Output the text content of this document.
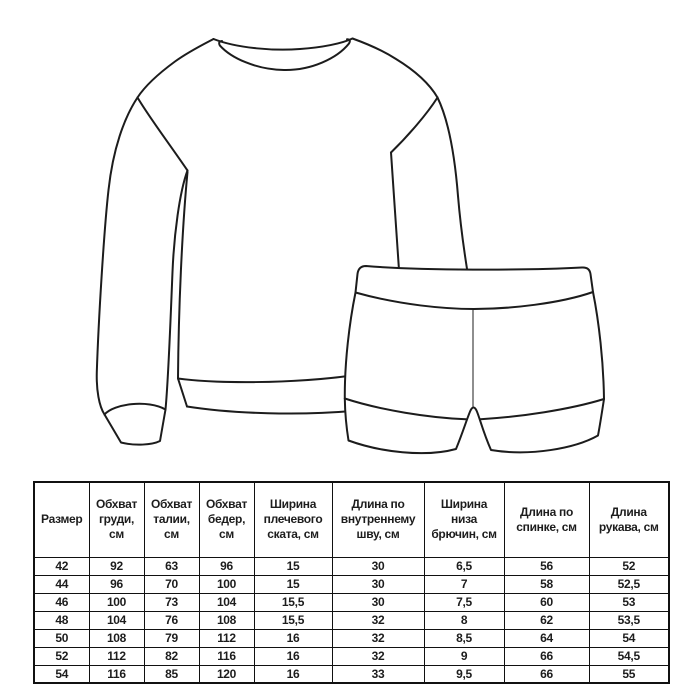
Размер	Обхват груди, см	Обхват талии, см	Обхват бедер, см	Ширина плечевого ската, см	Длина по внутреннему шву, см	Ширина низа брючин, см	Длина по спинке, см	Длина рукава, см
42	92	63	96	15	30	6,5	56	52
44	96	70	100	15	30	7	58	52,5
46	100	73	104	15,5	30	7,5	60	53
48	104	76	108	15,5	32	8	62	53,5
50	108	79	112	16	32	8,5	64	54
52	112	82	116	16	32	9	66	54,5
54	116	85	120	16	33	9,5	66	55
